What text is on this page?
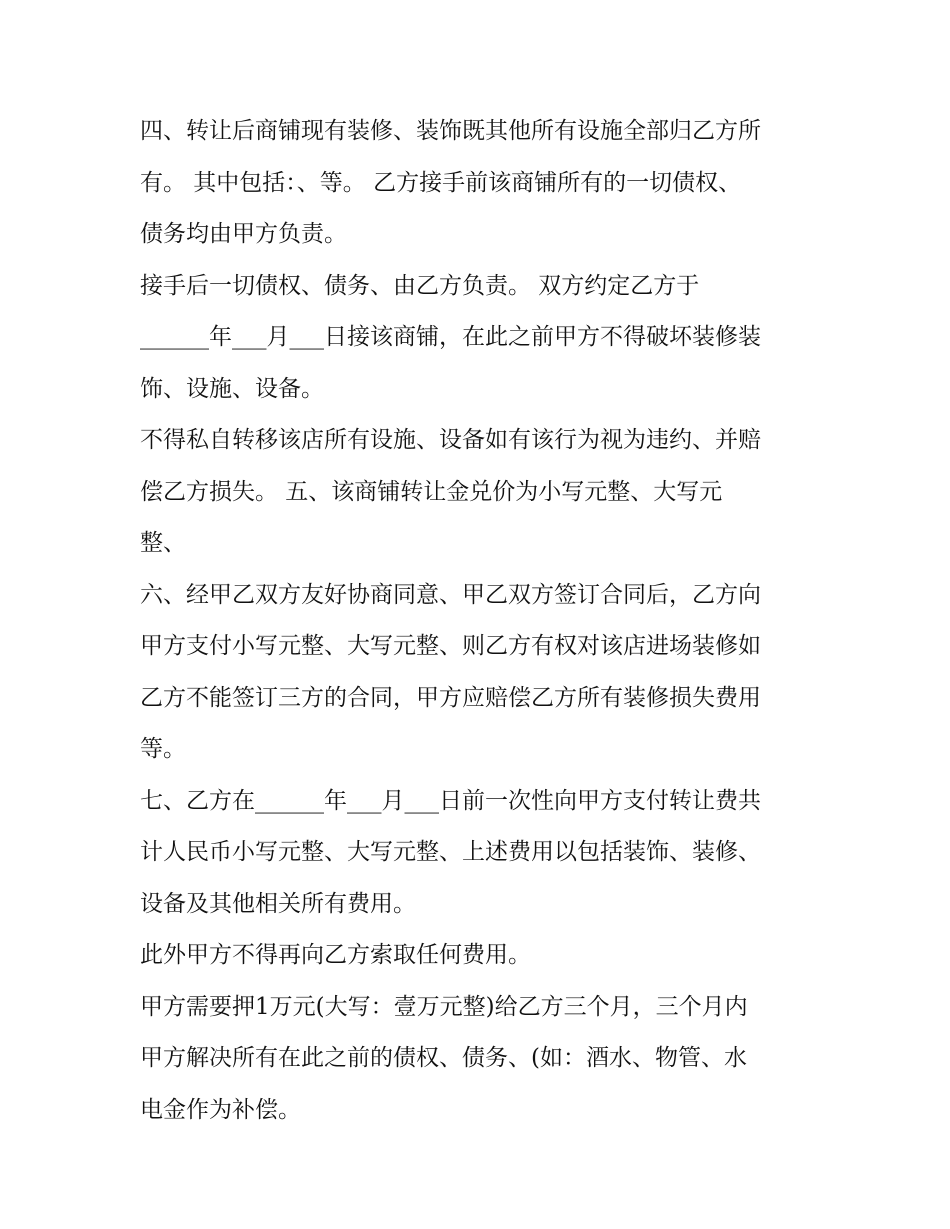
四、转让后商铺现有装修、装饰既其他所有设施全部归乙方所
有。 其中包括：、等。 乙方接手前该商铺所有的一切债权、
债务均由甲方负责。
接手后一切债权、债务、由乙方负责。 双方约定乙方于
______年___月___日接该商铺，在此之前甲方不得破坏装修装
饰、设施、设备。
不得私自转移该店所有设施、设备如有该行为视为违约、并赔
偿乙方损失。 五、该商铺转让金兑价为小写元整、大写元
整、
六、经甲乙双方友好协商同意、甲乙双方签订合同后，乙方向
甲方支付小写元整、大写元整、则乙方有权对该店进场装修如
乙方不能签订三方的合同，甲方应赔偿乙方所有装修损失费用
等。
七、乙方在______年___月___日前一次性向甲方支付转让费共
计人民币小写元整、大写元整、上述费用以包括装饰、装修、
设备及其他相关所有费用。
此外甲方不得再向乙方索取任何费用。
甲方需要押1万元(大写：壹万元整)给乙方三个月，三个月内
甲方解决所有在此之前的债权、债务、(如：酒水、物管、水
电金作为补偿。
